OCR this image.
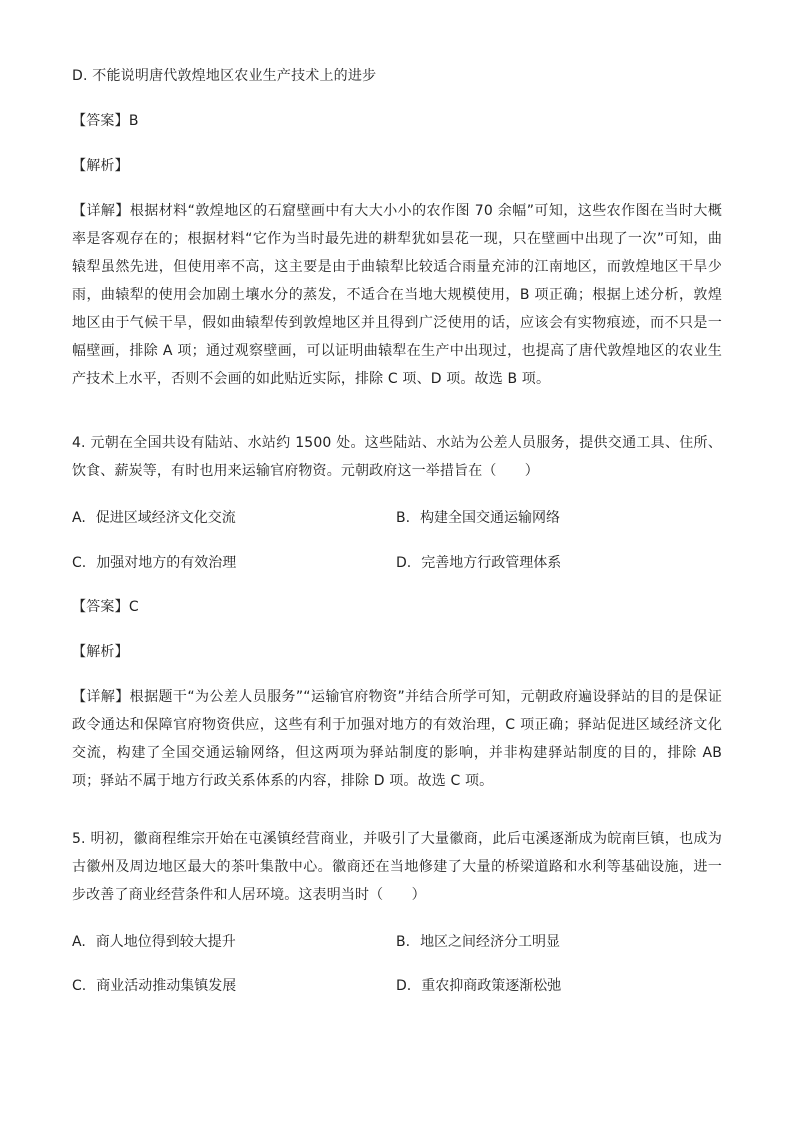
D. 不能说明唐代敦煌地区农业生产技术上的进步
【答案】B
【解析】
【详解】根据材料“敦煌地区的石窟壁画中有大大小小的农作图 70 余幅”可知，这些农作图在当时大概率是客观存在的；根据材料“它作为当时最先进的耕犁犹如昙花一现，只在壁画中出现了一次”可知，曲辕犁虽然先进，但使用率不高，这主要是由于曲辕犁比较适合雨量充沛的江南地区，而敦煌地区干旱少雨，曲辕犁的使用会加剧土壤水分的蒸发，不适合在当地大规模使用，B 项正确；根据上述分析，敦煌地区由于气候干旱，假如曲辕犁传到敦煌地区并且得到广泛使用的话，应该会有实物痕迹，而不只是一幅壁画，排除 A 项；通过观察壁画，可以证明曲辕犁在生产中出现过，也提高了唐代敦煌地区的农业生产技术上水平，否则不会画的如此贴近实际，排除 C 项、D 项。故选 B 项。
4. 元朝在全国共设有陆站、水站约 1500 处。这些陆站、水站为公差人员服务，提供交通工具、住所、饮食、薪炭等，有时也用来运输官府物资。元朝政府这一举措旨在（　　）
A. 促进区域经济文化交流	B. 构建全国交通运输网络
C. 加强对地方的有效治理	D. 完善地方行政管理体系
【答案】C
【解析】
【详解】根据题干“为公差人员服务”“运输官府物资”并结合所学可知，元朝政府遍设驿站的目的是保证政令通达和保障官府物资供应，这些有利于加强对地方的有效治理，C 项正确；驿站促进区域经济文化交流，构建了全国交通运输网络，但这两项为驿站制度的影响，并非构建驿站制度的目的，排除 AB 项；驿站不属于地方行政关系体系的内容，排除 D 项。故选 C 项。
5. 明初，徽商程维宗开始在屯溪镇经营商业，并吸引了大量徽商，此后屯溪逐渐成为皖南巨镇，也成为古徽州及周边地区最大的茶叶集散中心。徽商还在当地修建了大量的桥梁道路和水利等基础设施，进一步改善了商业经营条件和人居环境。这表明当时（　　）
A. 商人地位得到较大提升	B. 地区之间经济分工明显
C. 商业活动推动集镇发展	D. 重农抑商政策逐渐松弛
